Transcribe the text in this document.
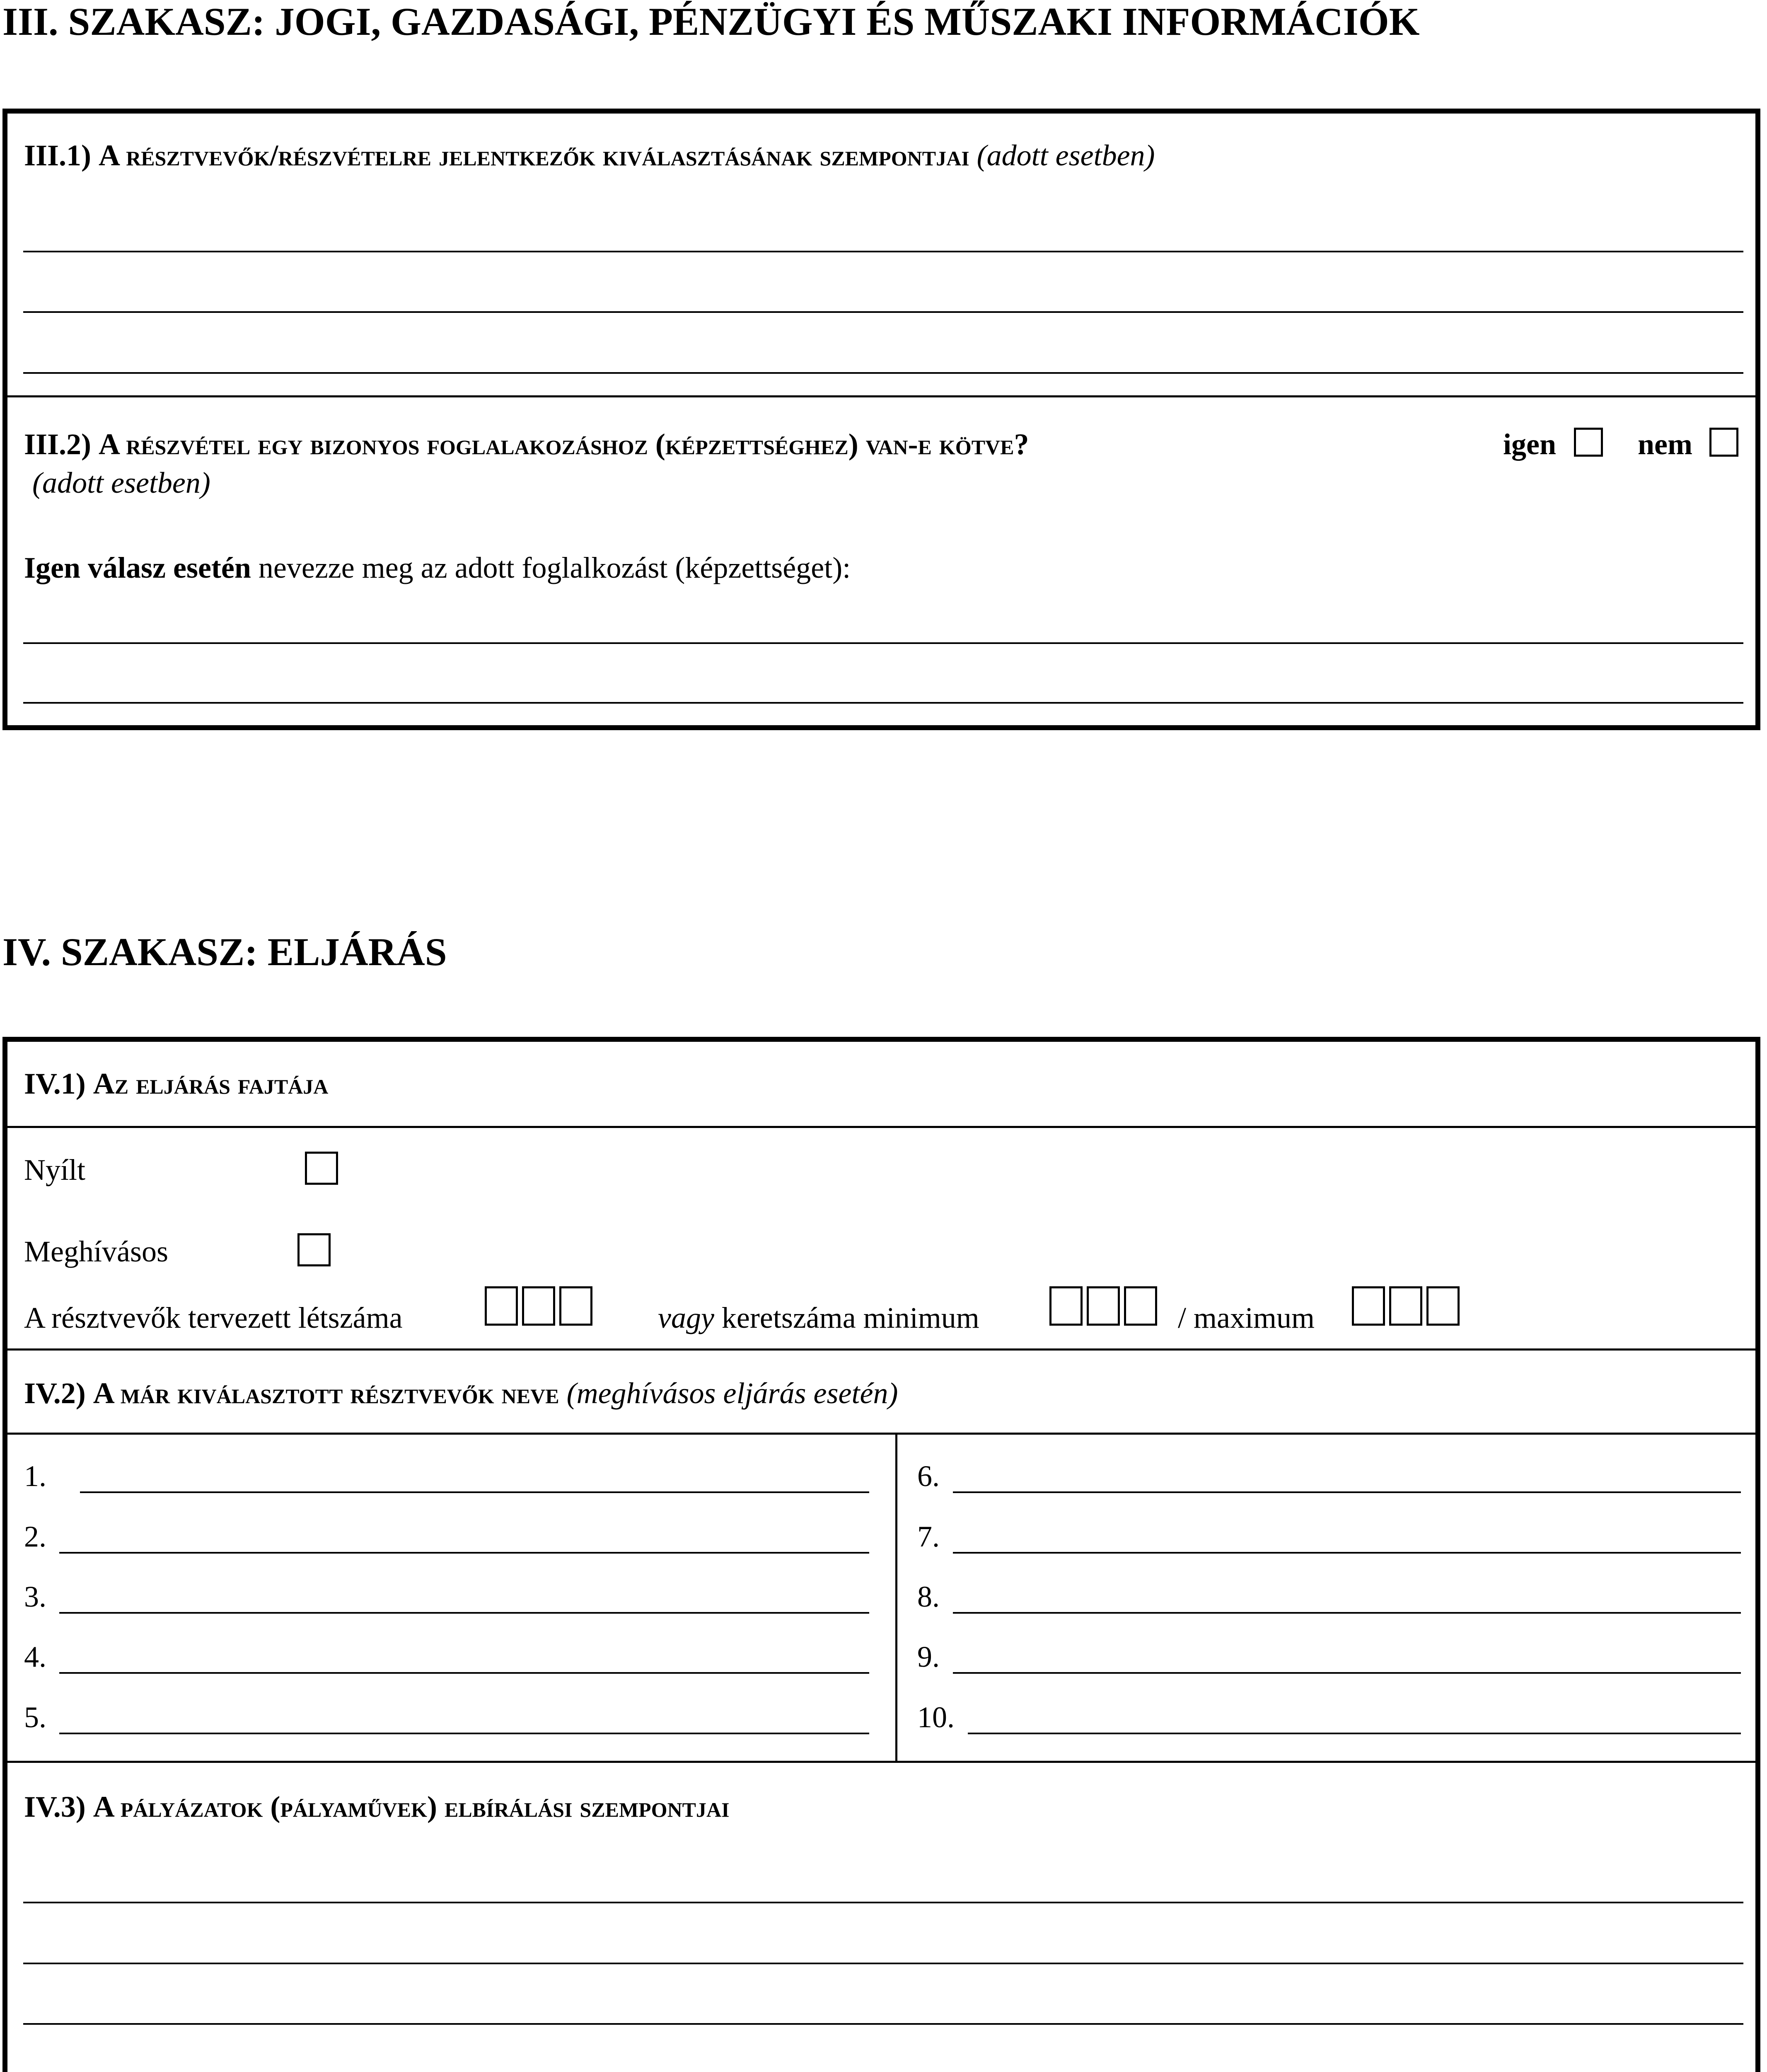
III. SZAKASZ: JOGI, GAZDASÁGI, PÉNZÜGYI ÉS MŰSZAKI INFORMÁCIÓK
III.1) A résztvevők/részvételre jelentkezők kiválasztásának szempontjai (adott esetben)
III.2) A részvétel egy bizonyos foglalakozáshoz (képzettséghez) van-e kötve?
(adott esetben)
igen	nem
Igen válasz esetén nevezze meg az adott foglalkozást (képzettséget):
IV. SZAKASZ: ELJÁRÁS
IV.1) Az eljárás fajtája
Nyílt
Meghívásos
A résztvevők tervezett létszáma	vagy keretszáma minimum	/ maximum
IV.2) A már kiválasztott résztvevők neve (meghívásos eljárás esetén)
1.
2.
3.
4.
5.
6.
7.
8.
9.
10.
IV.3) A pályázatok (pályaművek) elbírálási szempontjai
